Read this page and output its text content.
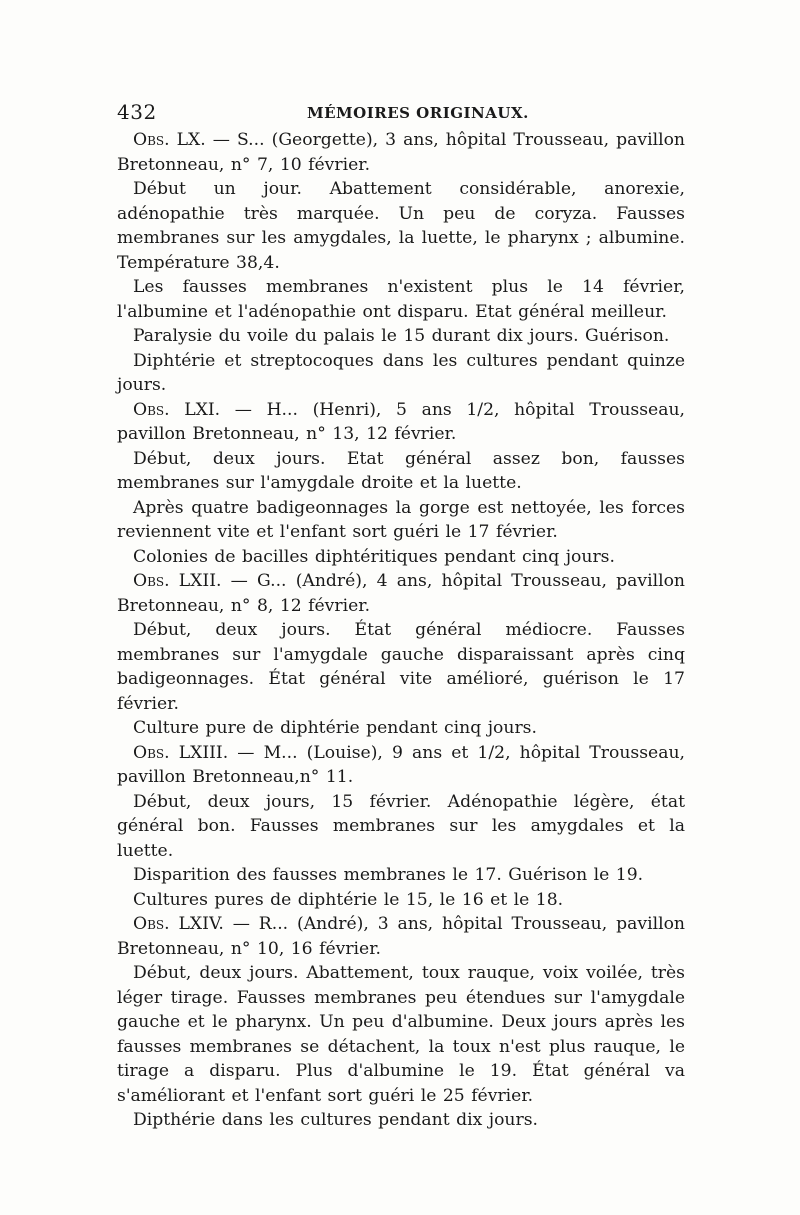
432	MÉMOIRES ORIGINAUX.

Obs. LX. — S... (Georgette), 3 ans, hôpital Trousseau, pavillon Bretonneau, n° 7, 10 février.

Début un jour. Abattement considérable, anorexie, adénopathie très marquée. Un peu de coryza. Fausses membranes sur les amygdales, la luette, le pharynx ; albumine. Température 38,4.

Les fausses membranes n'existent plus le 14 février, l'albumine et l'adénopathie ont disparu. Etat général meilleur.

Paralysie du voile du palais le 15 durant dix jours. Guérison.

Diphtérie et streptocoques dans les cultures pendant quinze jours.

Obs. LXI. — H... (Henri), 5 ans 1/2, hôpital Trousseau, pavillon Bretonneau, n° 13, 12 février.

Début, deux jours. Etat général assez bon, fausses membranes sur l'amygdale droite et la luette.

Après quatre badigeonnages la gorge est nettoyée, les forces reviennent vite et l'enfant sort guéri le 17 février.

Colonies de bacilles diphtéritiques pendant cinq jours.

Obs. LXII. — G... (André), 4 ans, hôpital Trousseau, pavillon Bretonneau, n° 8, 12 février.

Début, deux jours. État général médiocre. Fausses membranes sur l'amygdale gauche disparaissant après cinq badigeonnages. État général vite amélioré, guérison le 17 février.

Culture pure de diphtérie pendant cinq jours.

Obs. LXIII. — M... (Louise), 9 ans et 1/2, hôpital Trousseau, pavillon Bretonneau,n° 11.

Début, deux jours, 15 février. Adénopathie légère, état général bon. Fausses membranes sur les amygdales et la luette.

Disparition des fausses membranes le 17. Guérison le 19.

Cultures pures de diphtérie le 15, le 16 et le 18.

Obs. LXIV. — R... (André), 3 ans, hôpital Trousseau, pavillon Bretonneau, n° 10, 16 février.

Début, deux jours. Abattement, toux rauque, voix voilée, très léger tirage. Fausses membranes peu étendues sur l'amygdale gauche et le pharynx. Un peu d'albumine. Deux jours après les fausses membranes se détachent, la toux n'est plus rauque, le tirage a disparu. Plus d'albumine le 19. État général va s'améliorant et l'enfant sort guéri le 25 février.

Dipthérie dans les cultures pendant dix jours.
